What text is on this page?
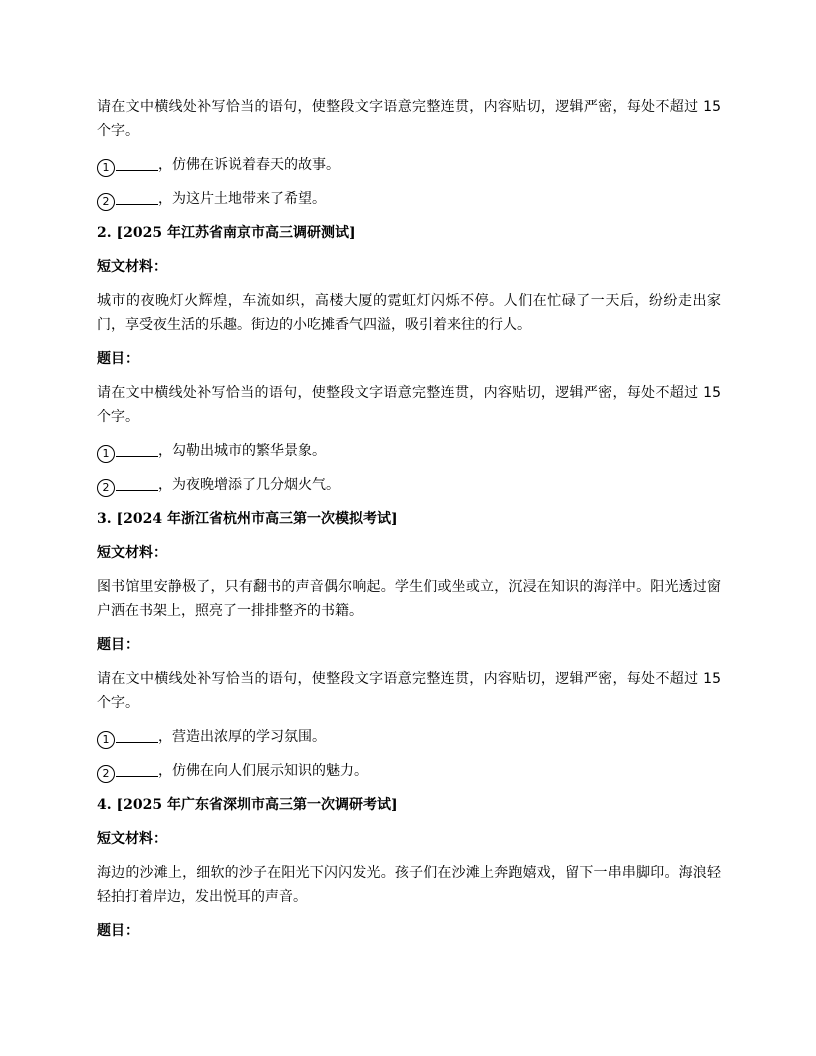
请在文中横线处补写恰当的语句，使整段文字语意完整连贯，内容贴切，逻辑严密，每处不超过 15 个字。

1	，仿佛在诉说着春天的故事。
2	，为这片土地带来了希望。
2. [2025 年江苏省南京市高三调研测试]
短文材料：

城市的夜晚灯火辉煌，车流如织，高楼大厦的霓虹灯闪烁不停。人们在忙碌了一天后，纷纷走出家门，享受夜生活的乐趣。街边的小吃摊香气四溢，吸引着来往的行人。

题目：

请在文中横线处补写恰当的语句，使整段文字语意完整连贯，内容贴切，逻辑严密，每处不超过 15 个字。

1	，勾勒出城市的繁华景象。
2	，为夜晚增添了几分烟火气。
3. [2024 年浙江省杭州市高三第一次模拟考试]
短文材料：

图书馆里安静极了，只有翻书的声音偶尔响起。学生们或坐或立，沉浸在知识的海洋中。阳光透过窗户洒在书架上，照亮了一排排整齐的书籍。

题目：

请在文中横线处补写恰当的语句，使整段文字语意完整连贯，内容贴切，逻辑严密，每处不超过 15 个字。

1	，营造出浓厚的学习氛围。
2	，仿佛在向人们展示知识的魅力。
4. [2025 年广东省深圳市高三第一次调研考试]
短文材料：

海边的沙滩上，细软的沙子在阳光下闪闪发光。孩子们在沙滩上奔跑嬉戏，留下一串串脚印。海浪轻轻拍打着岸边，发出悦耳的声音。

题目：
